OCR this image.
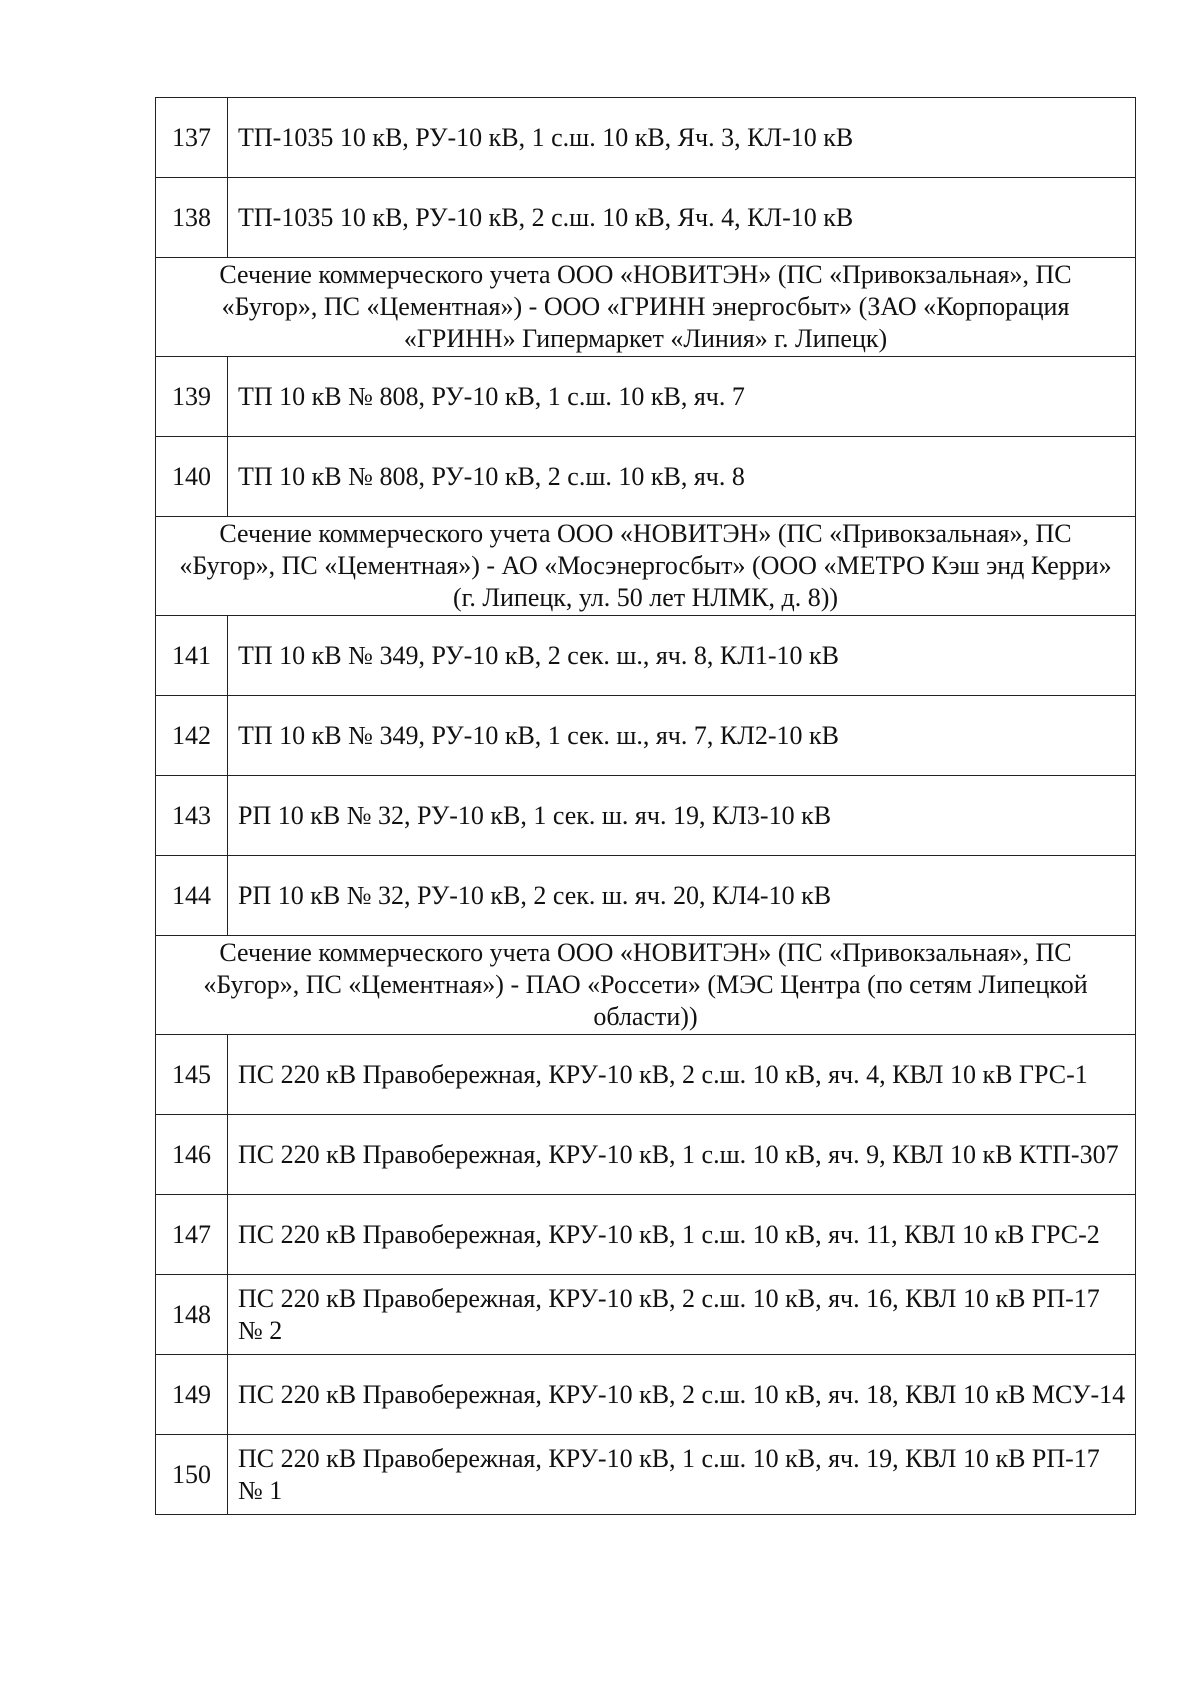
137	ТП-1035 10 кВ, РУ-10 кВ, 1 с.ш. 10 кВ, Яч. 3, КЛ-10 кВ
138	ТП-1035 10 кВ, РУ-10 кВ, 2 с.ш. 10 кВ, Яч. 4, КЛ-10 кВ
Сечение коммерческого учета ООО «НОВИТЭН» (ПС «Привокзальная», ПС «Бугор», ПС «Цементная») - ООО «ГРИНН энергосбыт» (ЗАО «Корпорация «ГРИНН» Гипермаркет «Линия» г. Липецк)	
139	ТП 10 кВ № 808, РУ-10 кВ, 1 с.ш. 10 кВ, яч. 7
140	ТП 10 кВ № 808, РУ-10 кВ, 2 с.ш. 10 кВ, яч. 8
Сечение коммерческого учета ООО «НОВИТЭН» (ПС «Привокзальная», ПС «Бугор», ПС «Цементная») - АО «Мосэнергосбыт» (ООО «МЕТРО Кэш энд Керри» (г. Липецк, ул. 50 лет НЛМК, д. 8))	
141	ТП 10 кВ № 349, РУ-10 кВ, 2 сек. ш., яч. 8, КЛ1-10 кВ
142	ТП 10 кВ № 349, РУ-10 кВ, 1 сек. ш., яч. 7, КЛ2-10 кВ
143	РП 10 кВ № 32, РУ-10 кВ, 1 сек. ш. яч. 19, КЛ3-10 кВ
144	РП 10 кВ № 32, РУ-10 кВ, 2 сек. ш. яч. 20, КЛ4-10 кВ
Сечение коммерческого учета ООО «НОВИТЭН» (ПС «Привокзальная», ПС «Бугор», ПС «Цементная») - ПАО «Россети» (МЭС Центра (по сетям Липецкой области))	
145	ПС 220 кВ Правобережная, КРУ-10 кВ, 2 с.ш. 10 кВ, яч. 4, КВЛ 10 кВ ГРС-1
146	ПС 220 кВ Правобережная, КРУ-10 кВ, 1 с.ш. 10 кВ, яч. 9, КВЛ 10 кВ КТП-307
147	ПС 220 кВ Правобережная, КРУ-10 кВ, 1 с.ш. 10 кВ, яч. 11, КВЛ 10 кВ ГРС-2
148	ПС 220 кВ Правобережная, КРУ-10 кВ, 2 с.ш. 10 кВ, яч. 16, КВЛ 10 кВ РП-17 № 2
149	ПС 220 кВ Правобережная, КРУ-10 кВ, 2 с.ш. 10 кВ, яч. 18, КВЛ 10 кВ МСУ-14
150	ПС 220 кВ Правобережная, КРУ-10 кВ, 1 с.ш. 10 кВ, яч. 19, КВЛ 10 кВ РП-17 № 1
